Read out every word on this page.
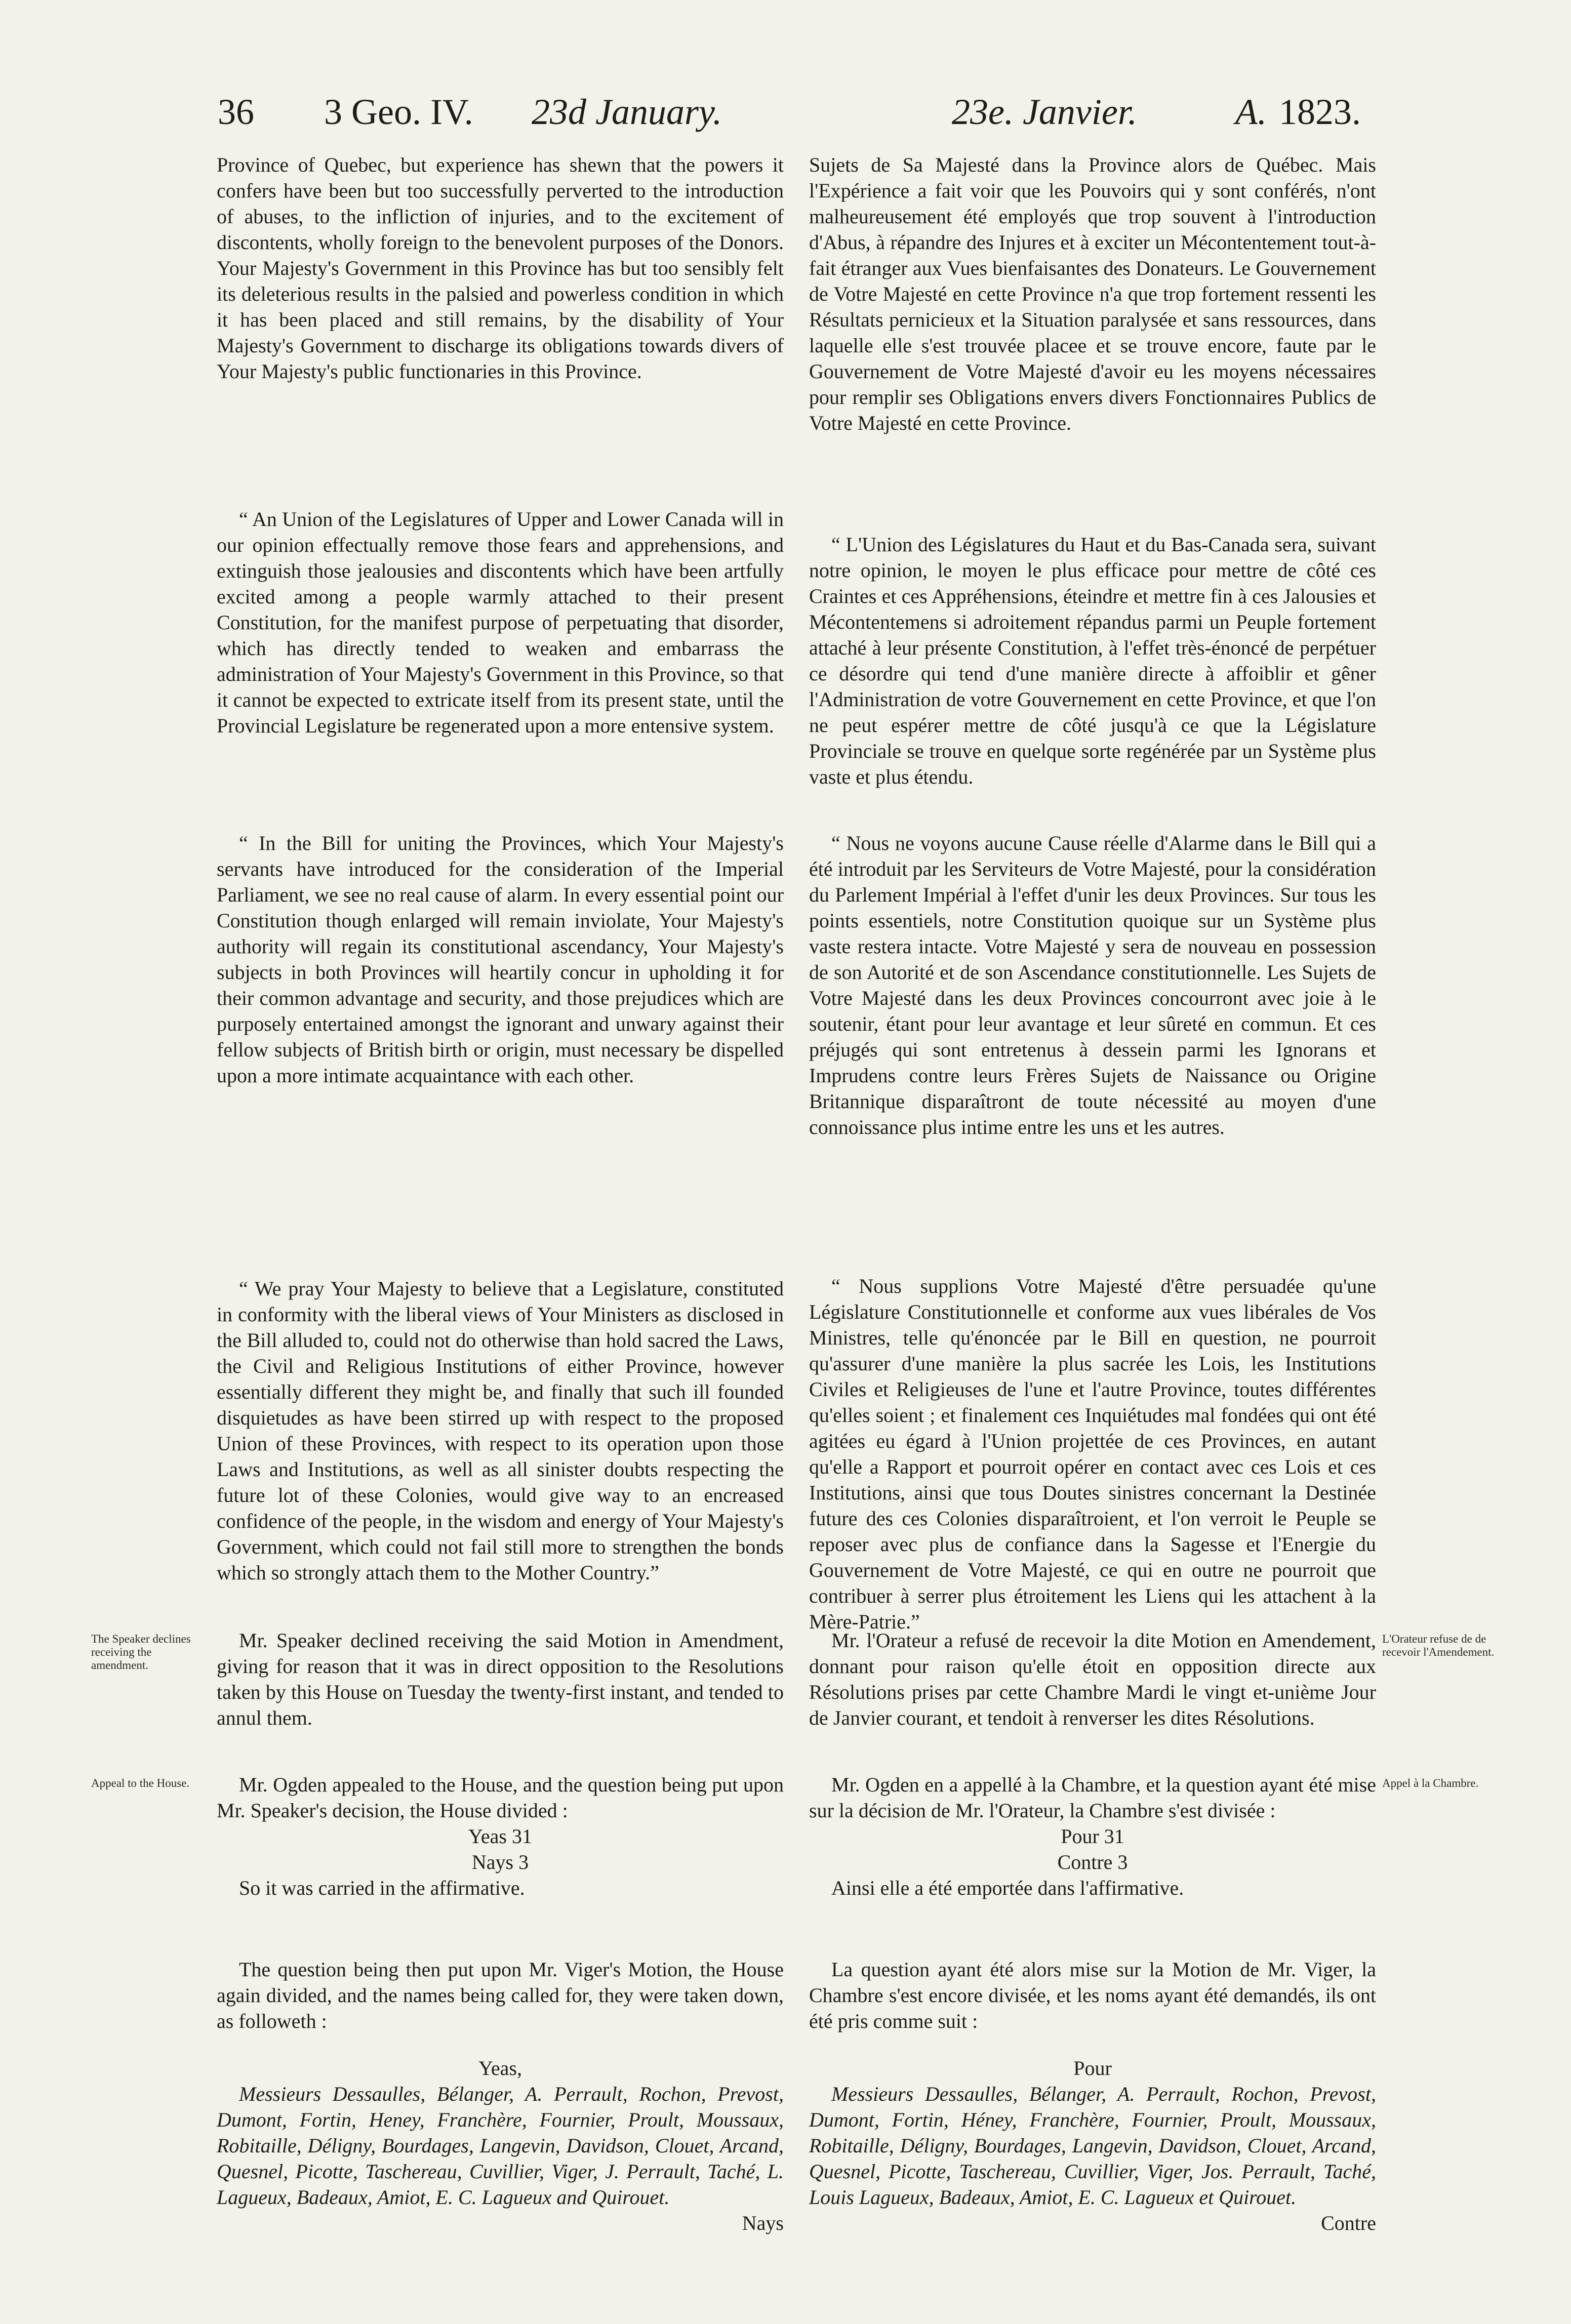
36 3 Geo. IV. 23d January.	23e. Janvier.	A. 1823.

Province of Quebec, but experience has shewn that the powers it confers have been but too successfully perverted to the introduction of abuses, to the infliction of injuries, and to the excitement of discontents, wholly foreign to the benevolent purposes of the Donors. Your Majesty's Government in this Province has but too sensibly felt its deleterious results in the palsied and powerless condition in which it has been placed and still remains, by the disability of Your Majesty's Government to discharge its obligations towards divers of Your Majesty's public functionaries in this Province.

“ An Union of the Legislatures of Upper and Lower Canada will in our opinion effectually remove those fears and apprehensions, and extinguish those jealousies and discontents which have been artfully excited among a people warmly attached to their present Constitution, for the manifest purpose of perpetuating that disorder, which has directly tended to weaken and embarrass the administration of Your Majesty's Government in this Province, so that it cannot be expected to extricate itself from its present state, until the Provincial Legislature be regenerated upon a more entensive system.

“ In the Bill for uniting the Provinces, which Your Majesty's servants have introduced for the consideration of the Imperial Parliament, we see no real cause of alarm. In every essential point our Constitution though enlarged will remain inviolate, Your Majesty's authority will regain its constitutional ascendancy, Your Majesty's subjects in both Provinces will heartily concur in upholding it for their common advantage and security, and those prejudices which are purposely entertained amongst the ignorant and unwary against their fellow subjects of British birth or origin, must necessary be dispelled upon a more intimate acquaintance with each other.

“ We pray Your Majesty to believe that a Legislature, constituted in conformity with the liberal views of Your Ministers as disclosed in the Bill alluded to, could not do otherwise than hold sacred the Laws, the Civil and Religious Institutions of either Province, however essentially different they might be, and finally that such ill founded disquietudes as have been stirred up with respect to the proposed Union of these Provinces, with respect to its operation upon those Laws and Institutions, as well as all sinister doubts respecting the future lot of these Colonies, would give way to an encreased confidence of the people, in the wisdom and energy of Your Majesty's Government, which could not fail still more to strengthen the bonds which so strongly attach them to the Mother Country.”

Mr. Speaker declined receiving the said Motion in Amendment, giving for reason that it was in direct opposition to the Resolutions taken by this House on Tuesday the twenty-first instant, and tended to annul them.

Mr. Ogden appealed to the House, and the question being put upon Mr. Speaker's decision, the House divided :

Yeas 31

Nays 3

So it was carried in the affirmative.

The question being then put upon Mr. Viger's Motion, the House again divided, and the names being called for, they were taken down, as followeth :

Yeas,

Messieurs Dessaulles, Bélanger, A. Perrault, Rochon, Prevost, Dumont, Fortin, Heney, Franchère, Fournier, Proult, Moussaux, Robitaille, Déligny, Bourdages, Langevin, Davidson, Clouet, Arcand, Quesnel, Picotte, Taschereau, Cuvillier, Viger, J. Perrault, Taché, L. Lagueux, Badeaux, Amiot, E. C. Lagueux and Quirouet.

Nays

Sujets de Sa Majesté dans la Province alors de Québec. Mais l'Expérience a fait voir que les Pouvoirs qui y sont conférés, n'ont malheureusement été employés que trop souvent à l'introduction d'Abus, à répandre des Injures et à exciter un Mécontentement tout-à-fait étranger aux Vues bienfaisantes des Donateurs. Le Gouvernement de Votre Majesté en cette Province n'a que trop fortement ressenti les Résultats pernicieux et la Situation paralysée et sans ressources, dans laquelle elle s'est trouvée placee et se trouve encore, faute par le Gouvernement de Votre Majesté d'avoir eu les moyens nécessaires pour remplir ses Obligations envers divers Fonctionnaires Publics de Votre Majesté en cette Province.

“ L'Union des Législatures du Haut et du Bas-Canada sera, suivant notre opinion, le moyen le plus efficace pour mettre de côté ces Craintes et ces Appréhensions, éteindre et mettre fin à ces Jalousies et Mécontentemens si adroitement répandus parmi un Peuple fortement attaché à leur présente Constitution, à l'effet très-énoncé de perpétuer ce désordre qui tend d'une manière directe à affoiblir et gêner l'Administration de votre Gouvernement en cette Province, et que l'on ne peut espérer mettre de côté jusqu'à ce que la Législature Provinciale se trouve en quelque sorte regénérée par un Système plus vaste et plus étendu.

“ Nous ne voyons aucune Cause réelle d'Alarme dans le Bill qui a été introduit par les Serviteurs de Votre Majesté, pour la considération du Parlement Impérial à l'effet d'unir les deux Provinces. Sur tous les points essentiels, notre Constitution quoique sur un Système plus vaste restera intacte. Votre Majesté y sera de nouveau en possession de son Autorité et de son Ascendance constitutionnelle. Les Sujets de Votre Majesté dans les deux Provinces concourront avec joie à le soutenir, étant pour leur avantage et leur sûreté en commun. Et ces préjugés qui sont entretenus à dessein parmi les Ignorans et Imprudens contre leurs Frères Sujets de Naissance ou Origine Britannique disparaîtront de toute nécessité au moyen d'une connoissance plus intime entre les uns et les autres.

“ Nous supplions Votre Majesté d'être persuadée qu'une Législature Constitutionnelle et conforme aux vues libérales de Vos Ministres, telle qu'énoncée par le Bill en question, ne pourroit qu'assurer d'une manière la plus sacrée les Lois, les Institutions Civiles et Religieuses de l'une et l'autre Province, toutes différentes qu'elles soient ; et finalement ces Inquiétudes mal fondées qui ont été agitées eu égard à l'Union projettée de ces Provinces, en autant qu'elle a Rapport et pourroit opérer en contact avec ces Lois et ces Institutions, ainsi que tous Doutes sinistres concernant la Destinée future des ces Colonies disparaîtroient, et l'on verroit le Peuple se reposer avec plus de confiance dans la Sagesse et l'Energie du Gouvernement de Votre Majesté, ce qui en outre ne pourroit que contribuer à serrer plus étroitement les Liens qui les attachent à la Mère-Patrie.”

Mr. l'Orateur a refusé de recevoir la dite Motion en Amendement, donnant pour raison qu'elle étoit en opposition directe aux Résolutions prises par cette Chambre Mardi le vingt et-unième Jour de Janvier courant, et tendoit à renverser les dites Résolutions.

Mr. Ogden en a appellé à la Chambre, et la question ayant été mise sur la décision de Mr. l'Orateur, la Chambre s'est divisée :

Pour 31

Contre 3

Ainsi elle a été emportée dans l'affirmative.

La question ayant été alors mise sur la Motion de Mr. Viger, la Chambre s'est encore divisée, et les noms ayant été demandés, ils ont été pris comme suit :

Pour

Messieurs Dessaulles, Bélanger, A. Perrault, Rochon, Prevost, Dumont, Fortin, Héney, Franchère, Fournier, Proult, Moussaux, Robitaille, Déligny, Bourdages, Langevin, Davidson, Clouet, Arcand, Quesnel, Picotte, Taschereau, Cuvillier, Viger, Jos. Perrault, Taché, Louis Lagueux, Badeaux, Amiot, E. C. Lagueux et Quirouet.

Contre

The Speaker declines receiving the amendment.
Appeal to the House.
L'Orateur refuse de de recevoir l'Amendement.
Appel à la Chambre.
